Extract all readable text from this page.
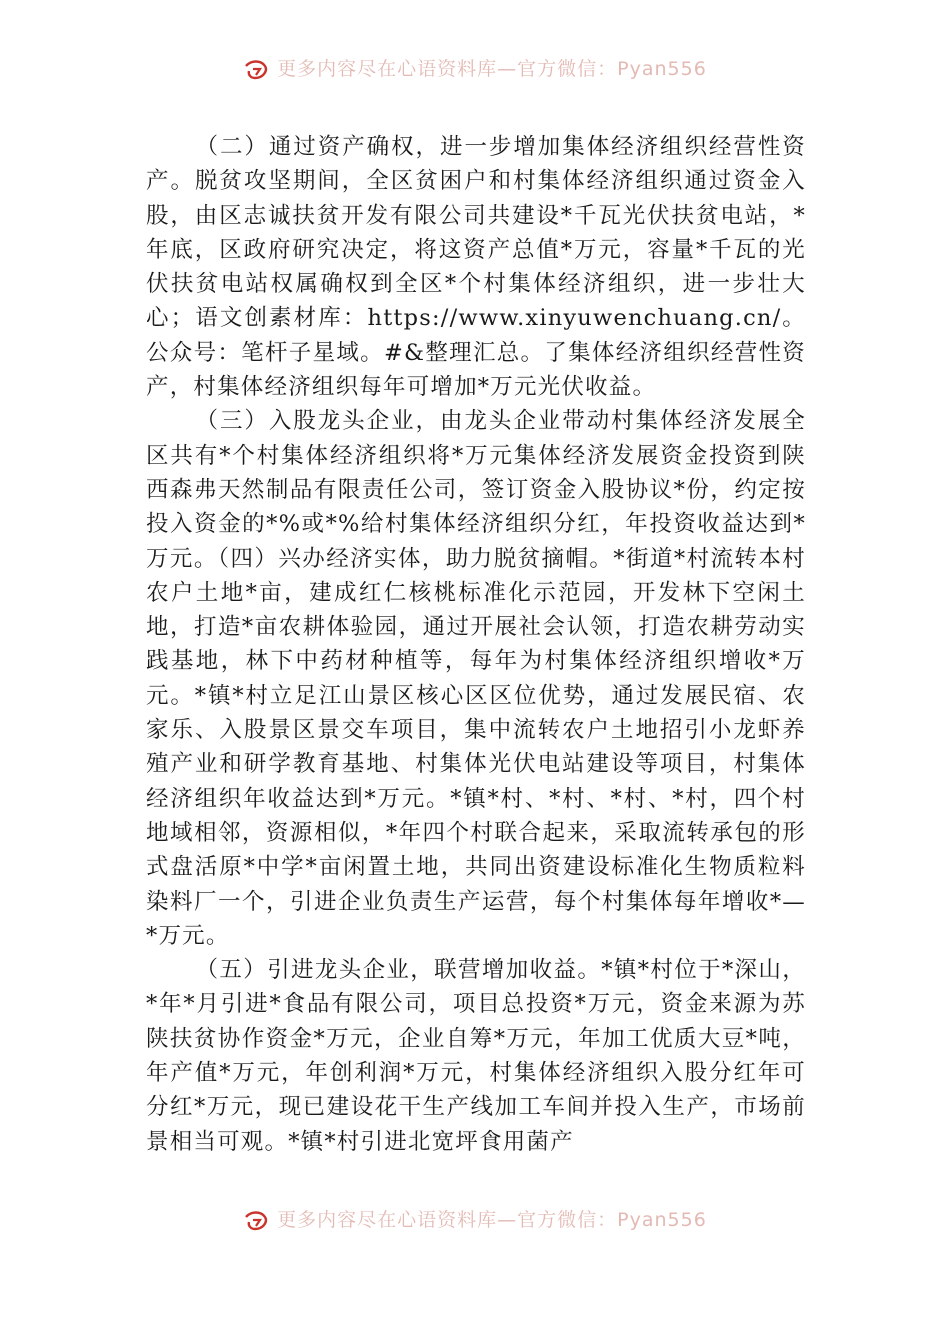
更多内容尽在心语资料库—官方微信：Pyan556

（二）通过资产确权，进一步增加集体经济组织经营性资产。脱贫攻坚期间，全区贫困户和村集体经济组织通过资金入股，由区志诚扶贫开发有限公司共建设*千瓦光伏扶贫电站，*年底，区政府研究决定，将这资产总值*万元，容量*千瓦的光伏扶贫电站权属确权到全区*个村集体经济组织，进一步壮大心；语文创素材库：https://www.xinyuwenchuang.cn/。公众号：笔杆子星域。#&整理汇总。了集体经济组织经营性资产，村集体经济组织每年可增加*万元光伏收益。

（三）入股龙头企业，由龙头企业带动村集体经济发展全区共有*个村集体经济组织将*万元集体经济发展资金投资到陕西森弗天然制品有限责任公司，签订资金入股协议*份，约定按投入资金的*%或*%给村集体经济组织分红，年投资收益达到*万元。（四）兴办经济实体，助力脱贫摘帽。*街道*村流转本村农户土地*亩，建成红仁核桃标准化示范园，开发林下空闲土地，打造*亩农耕体验园，通过开展社会认领，打造农耕劳动实践基地，林下中药材种植等，每年为村集体经济组织增收*万元。*镇*村立足江山景区核心区区位优势，通过发展民宿、农家乐、入股景区景交车项目，集中流转农户土地招引小龙虾养殖产业和研学教育基地、村集体光伏电站建设等项目，村集体经济组织年收益达到*万元。*镇*村、*村、*村、*村，四个村地域相邻，资源相似，*年四个村联合起来，采取流转承包的形式盘活原*中学*亩闲置土地，共同出资建设标准化生物质粒料染料厂一个，引进企业负责生产运营，每个村集体每年增收*—*万元。

（五）引进龙头企业，联营增加收益。*镇*村位于*深山，*年*月引进*食品有限公司，项目总投资*万元，资金来源为苏陕扶贫协作资金*万元，企业自筹*万元，年加工优质大豆*吨，年产值*万元，年创利润*万元，村集体经济组织入股分红年可分红*万元，现已建设花干生产线加工车间并投入生产，市场前景相当可观。*镇*村引进北宽坪食用菌产

更多内容尽在心语资料库—官方微信：Pyan556
